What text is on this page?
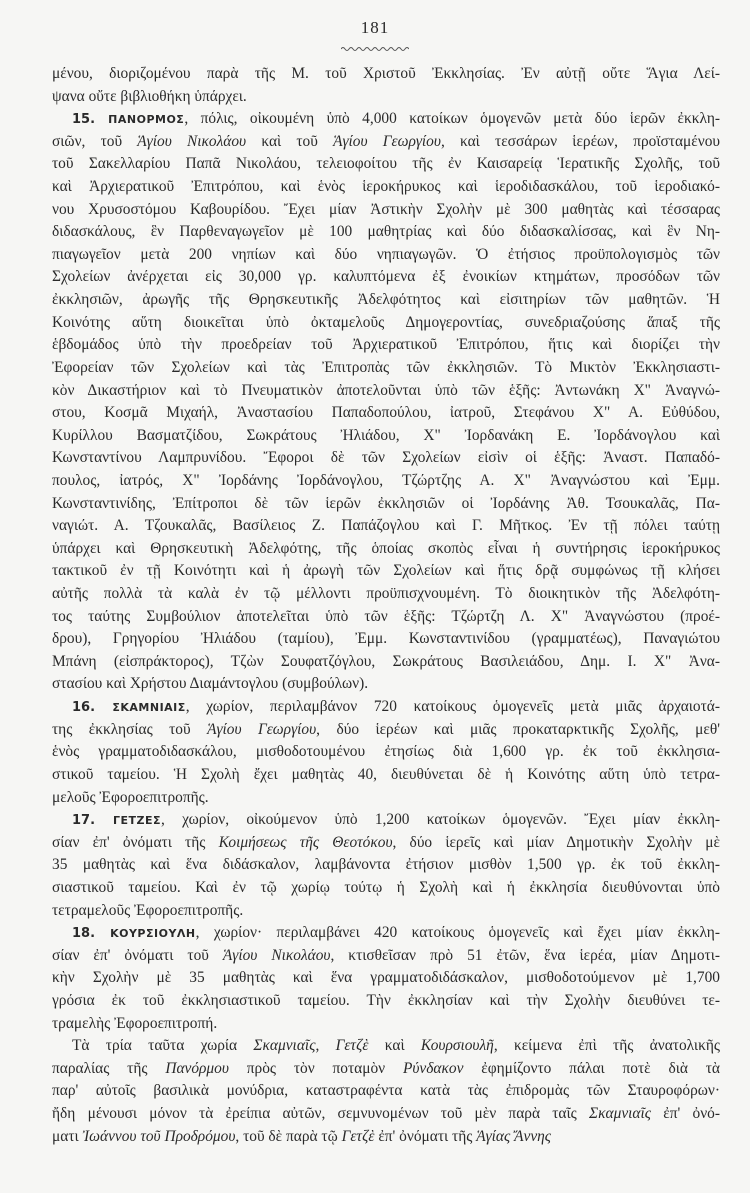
181
μένου, διοριζομένου παρὰ τῆς Μ. τοῦ Χριστοῦ Ἐκκλησίας. Ἐν αὐτῇ οὔτε Ἅγια Λεί-
ψανα οὔτε βιβλιοθήκη ὑπάρχει.
15. ΠΑΝΟΡΜΟΣ, πόλις, οἰκουμένη ὑπὸ 4,000 κατοίκων ὁμογενῶν μετὰ δύο ἱερῶν ἐκκλη-
σιῶν, τοῦ Ἁγίου Νικολάου καὶ τοῦ Ἁγίου Γεωργίου, καὶ τεσσάρων ἱερέων, προϊσταμένου
τοῦ Σακελλαρίου Παπᾶ Νικολάου, τελειοφοίτου τῆς ἐν Καισαρείᾳ Ἱερατικῆς Σχολῆς, τοῦ
καὶ Ἀρχιερατικοῦ Ἐπιτρόπου, καὶ ἑνὸς ἱεροκήρυκος καὶ ἱεροδιδασκάλου, τοῦ ἱεροδιακό-
νου Χρυσοστόμου Καβουρίδου. Ἔχει μίαν Ἀστικὴν Σχολὴν μὲ 300 μαθητὰς καὶ τέσσαρας
διδασκάλους, ἓν Παρθεναγωγεῖον μὲ 100 μαθητρίας καὶ δύο διδασκαλίσσας, καὶ ἓν Νη-
πιαγωγεῖον μετὰ 200 νηπίων καὶ δύο νηπιαγωγῶν. Ὁ ἐτήσιος προϋπολογισμὸς τῶν
Σχολείων ἀνέρχεται εἰς 30,000 γρ. καλυπτόμενα ἐξ ἐνοικίων κτημάτων, προσόδων τῶν
ἐκκλησιῶν, ἀρωγῆς τῆς Θρησκευτικῆς Ἀδελφότητος καὶ εἰσιτηρίων τῶν μαθητῶν. Ἡ
Κοινότης αὕτη διοικεῖται ὑπὸ ὀκταμελοῦς Δημογεροντίας, συνεδριαζούσης ἅπαξ τῆς
ἑβδομάδος ὑπὸ τὴν προεδρείαν τοῦ Ἀρχιερατικοῦ Ἐπιτρόπου, ἥτις καὶ διορίζει τὴν
Ἐφορείαν τῶν Σχολείων καὶ τὰς Ἐπιτροπὰς τῶν ἐκκλησιῶν. Τὸ Μικτὸν Ἐκκλησιαστι-
κὸν Δικαστήριον καὶ τὸ Πνευματικὸν ἀποτελοῦνται ὑπὸ τῶν ἑξῆς: Ἀντωνάκη Χ" Ἀναγνώ-
στου, Κοσμᾶ Μιχαήλ, Ἀναστασίου Παπαδοπούλου, ἰατροῦ, Στεφάνου Χ" Α. Εὐθύδου,
Κυρίλλου Βασματζίδου, Σωκράτους Ἠλιάδου, Χ" Ἰορδανάκη Ε. Ἰορδάνογλου καὶ
Κωνσταντίνου Λαμπρυνίδου. Ἔφοροι δὲ τῶν Σχολείων εἰσὶν οἱ ἑξῆς: Ἀναστ. Παπαδό-
πουλος, ἰατρός, Χ" Ἰορδάνης Ἰορδάνογλου, Τζώρτζης Α. Χ" Ἀναγνώστου καὶ Ἐμμ.
Κωνσταντινίδης, Ἐπίτροποι δὲ τῶν ἱερῶν ἐκκλησιῶν οἱ Ἰορδάνης Ἀθ. Τσουκαλᾶς, Πα-
ναγιώτ. Α. Τζουκαλᾶς, Βασίλειος Ζ. Παπάζογλου καὶ Γ. Μῆτκος. Ἐν τῇ πόλει ταύτῃ
ὑπάρχει καὶ Θρησκευτικὴ Ἀδελφότης, τῆς ὁποίας σκοπὸς εἶναι ἡ συντήρησις ἱεροκήρυκος
τακτικοῦ ἐν τῇ Κοινότητι καὶ ἡ ἀρωγὴ τῶν Σχολείων καὶ ἥτις δρᾷ συμφώνως τῇ κλήσει
αὐτῆς πολλὰ τὰ καλὰ ἐν τῷ μέλλοντι προϋπισχνουμένη. Τὸ διοικητικὸν τῆς Ἀδελφότη-
τος ταύτης Συμβούλιον ἀποτελεῖται ὑπὸ τῶν ἑξῆς: Τζώρτζη Λ. Χ" Ἀναγνώστου (προέ-
δρου), Γρηγορίου Ἠλιάδου (ταμίου), Ἐμμ. Κωνσταντινίδου (γραμματέως), Παναγιώτου
Μπάνη (εἰσπράκτορος), Τζὼν Σουφατζόγλου, Σωκράτους Βασιλειάδου, Δημ. Ι. Χ" Ἀνα-
στασίου καὶ Χρήστου Διαμάντογλου (συμβούλων).
16. ΣΚΑΜΝΙΑΙΣ, χωρίον, περιλαμβάνον 720 κατοίκους ὁμογενεῖς μετὰ μιᾶς ἀρχαιοτά-
της ἐκκλησίας τοῦ Ἁγίου Γεωργίου, δύο ἱερέων καὶ μιᾶς προκαταρκτικῆς Σχολῆς, μεθ'
ἑνὸς γραμματοδιδασκάλου, μισθοδοτουμένου ἐτησίως διὰ 1,600 γρ. ἐκ τοῦ ἐκκλησια-
στικοῦ ταμείου. Ἡ Σχολὴ ἔχει μαθητὰς 40, διευθύνεται δὲ ἡ Κοινότης αὕτη ὑπὸ τετρα-
μελοῦς Ἐφοροεπιτροπῆς.
17. ΓΕΤΖΕΣ, χωρίον, οἰκούμενον ὑπὸ 1,200 κατοίκων ὁμογενῶν. Ἔχει μίαν ἐκκλη-
σίαν ἐπ' ὀνόματι τῆς Κοιμήσεως τῆς Θεοτόκου, δύο ἱερεῖς καὶ μίαν Δημοτικὴν Σχολὴν μὲ
35 μαθητὰς καὶ ἕνα διδάσκαλον, λαμβάνοντα ἐτήσιον μισθὸν 1,500 γρ. ἐκ τοῦ ἐκκλη-
σιαστικοῦ ταμείου. Καὶ ἐν τῷ χωρίῳ τούτῳ ἡ Σχολὴ καὶ ἡ ἐκκλησία διευθύνονται ὑπὸ
τετραμελοῦς Ἐφοροεπιτροπῆς.
18. ΚΟΥΡΣΙΟΥΛΗ, χωρίον· περιλαμβάνει 420 κατοίκους ὁμογενεῖς καὶ ἔχει μίαν ἐκκλη-
σίαν ἐπ' ὀνόματι τοῦ Ἁγίου Νικολάου, κτισθεῖσαν πρὸ 51 ἐτῶν, ἕνα ἱερέα, μίαν Δημοτι-
κὴν Σχολὴν μὲ 35 μαθητὰς καὶ ἕνα γραμματοδιδάσκαλον, μισθοδοτούμενον μὲ 1,700
γρόσια ἐκ τοῦ ἐκκλησιαστικοῦ ταμείου. Τὴν ἐκκλησίαν καὶ τὴν Σχολὴν διευθύνει τε-
τραμελὴς Ἐφοροεπιτροπή.
Τὰ τρία ταῦτα χωρία Σκαμνιαῖς, Γετζὲ καὶ Κουρσιουλῆ, κείμενα ἐπὶ τῆς ἀνατολικῆς
παραλίας τῆς Πανόρμου πρὸς τὸν ποταμὸν Ρύνδακον ἐφημίζοντο πάλαι ποτὲ διὰ τὰ
παρ' αὐτοῖς βασιλικὰ μονύδρια, καταστραφέντα κατὰ τὰς ἐπιδρομὰς τῶν Σταυροφόρων·
ἤδη μένουσι μόνον τὰ ἐρείπια αὐτῶν, σεμνυνομένων τοῦ μὲν παρὰ ταῖς Σκαμνιαῖς ἐπ' ὀνό-
ματι Ἰωάννου τοῦ Προδρόμου, τοῦ δὲ παρὰ τῷ Γετζὲ ἐπ' ὀνόματι τῆς Ἁγίας Ἄννης
